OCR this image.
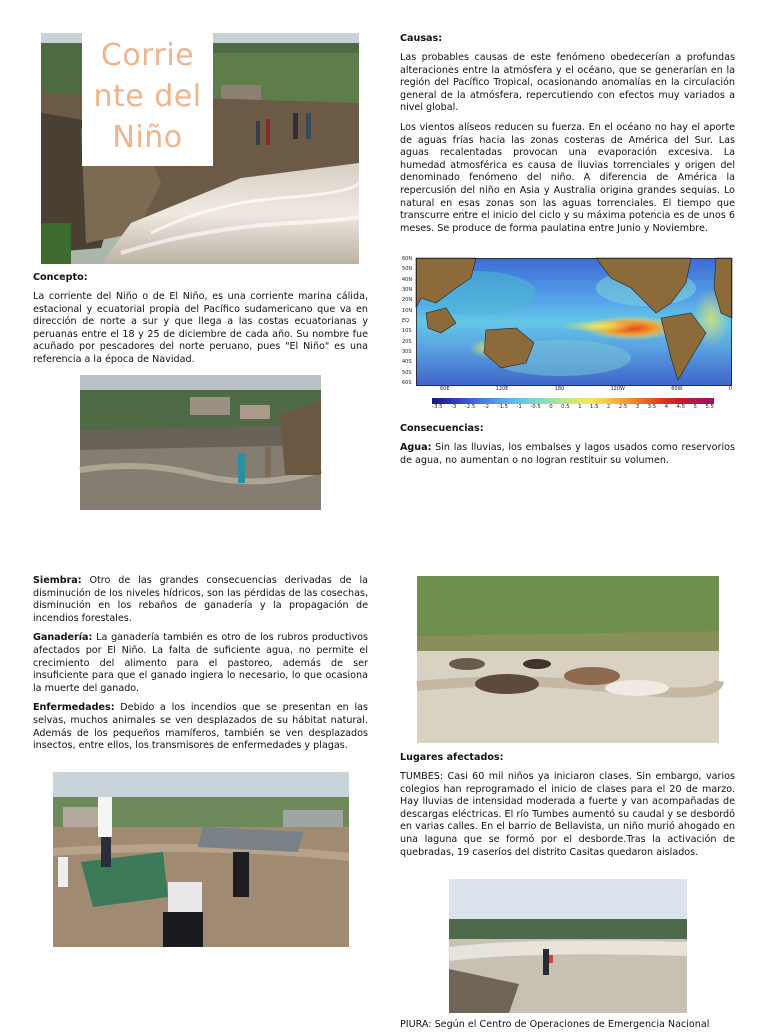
Corrie
nte del
Niño

Concepto:

La corriente del Niño o de El Niño, es una corriente marina cálida, estacional y ecuatorial propia del Pacífico sudamericano que va en dirección de norte a sur y que llega a las costas ecuatorianas y peruanas entre el 18 y 25 de diciembre de cada año. Su nombre fue acuñado por pescadores del norte peruano, pues "El Niño" es una referencia a la época de Navidad.

Causas:

Las probables causas de este fenómeno obedecerían a profundas alteraciones entre la atmósfera y el océano, que se generarían en la región del Pacífico Tropical, ocasionando anomalías en la circulación general de la atmósfera, repercutiendo con efectos muy variados a nivel global.

Los vientos alíseos reducen su fuerza. En el océano no hay el aporte de aguas frías hacia las zonas costeras de América del Sur. Las aguas recalentadas provocan una evaporación excesiva. La humedad atmosférica es causa de lluvias torrenciales y origen del denominado fenómeno del niño. A diferencia de América la repercusión del niño en Asia y Australia origina grandes sequias. Lo natural en esas zonas son las aguas torrenciales. El tiempo que transcurre entre el inicio del ciclo y su máxima potencia es de unos 6 meses. Se produce de forma paulatina entre Junio y Noviembre.

60N
50N
40N
30N
20N
10N
EQ
10S
20S
30S
40S
50S
60S
60E	120E	180	120W	60W	0
-3.5 -3 -2.5 -2 -1.5 -1 -0.5 0 0.5 1 1.5 2 2.5 3 3.5 4 4.5 5 5.5

Consecuencias:

Agua: Sin las lluvias, los embalses y lagos usados como reservorios de agua, no aumentan o no logran restituir su volumen.

Siembra: Otro de las grandes consecuencias derivadas de la disminución de los niveles hídricos, son las pérdidas de las cosechas, disminución en los rebaños de ganadería y la propagación de incendios forestales.

Ganadería: La ganadería también es otro de los rubros productivos afectados por El Niño. La falta de suficiente agua, no permite el crecimiento del alimento para el pastoreo, además de ser insuficiente para que el ganado ingiera lo necesario, lo que ocasiona la muerte del ganado.

Enfermedades: Debido a los incendios que se presentan en las selvas, muchos animales se ven desplazados de su hábitat natural. Además de los pequeños mamíferos, también se ven desplazados insectos, entre ellos, los transmisores de enfermedades y plagas.

Lugares afectados:

TUMBES: Casi 60 mil niños ya iniciaron clases. Sin embargo, varios colegios han reprogramado el inicio de clases para el 20 de marzo. Hay lluvias de intensidad moderada a fuerte y van acompañadas de descargas eléctricas. El río Tumbes aumentó su caudal y se desbordó en varias calles. En el barrio de Bellavista, un niño murió ahogado en una laguna que se formó por el desborde.Tras la activación de quebradas, 19 caseríos del distrito Casitas quedaron aislados.

PIURA: Según el Centro de Operaciones de Emergencia Nacional
